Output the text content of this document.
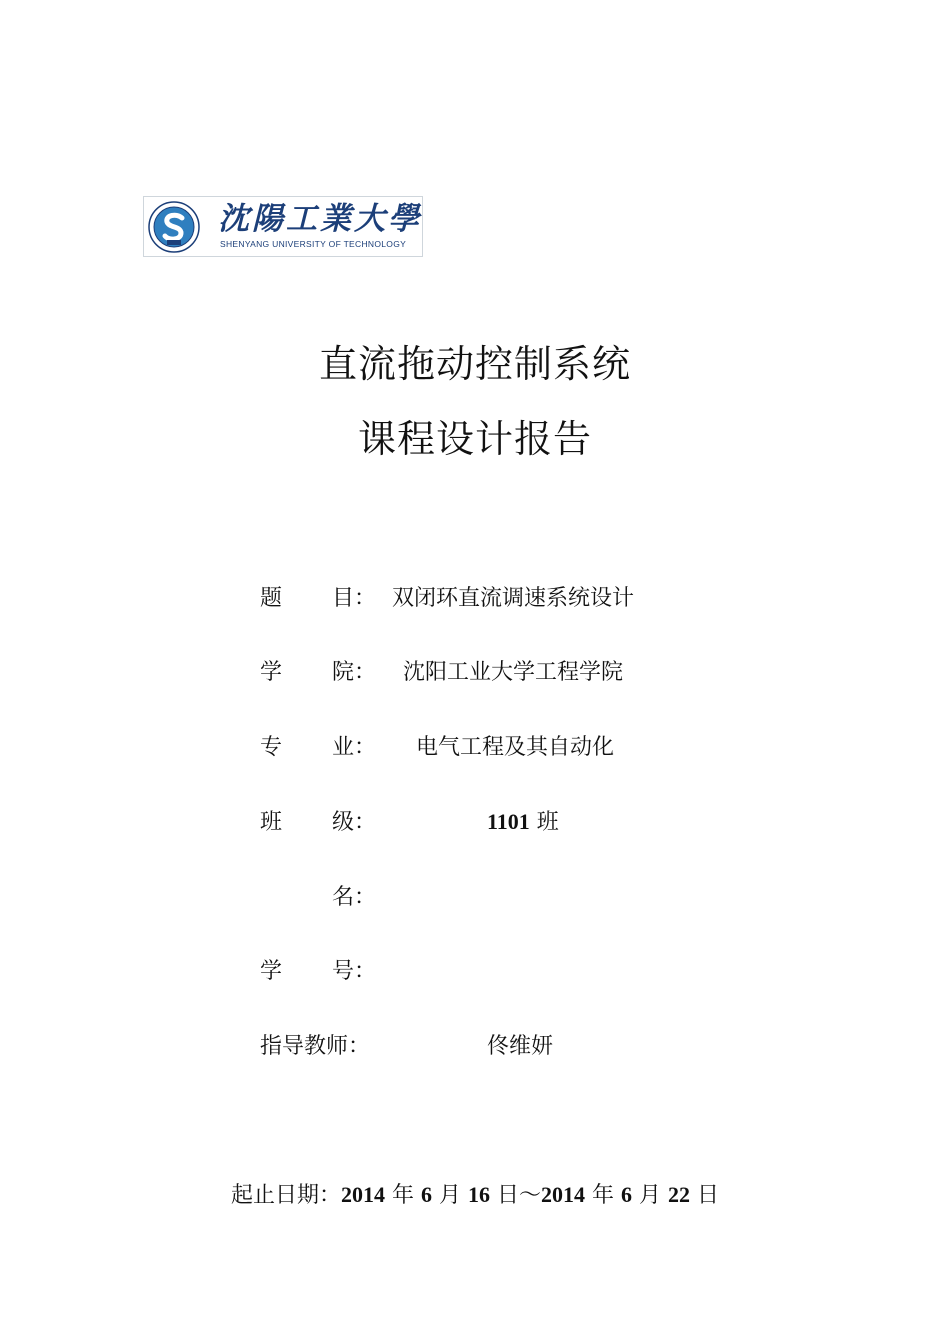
沈陽工業大學
SHENYANG UNIVERSITY OF TECHNOLOGY
直流拖动控制系统
课程设计报告
题 目： 双闭环直流调速系统设计
学 院： 沈阳工业大学工程学院
专 业： 电气工程及其自动化
班 级：	1101 班
名：
学 号：
指导教师：	佟维妍
起止日期：2014 年 6 月 16 日～2014 年 6 月 22 日
